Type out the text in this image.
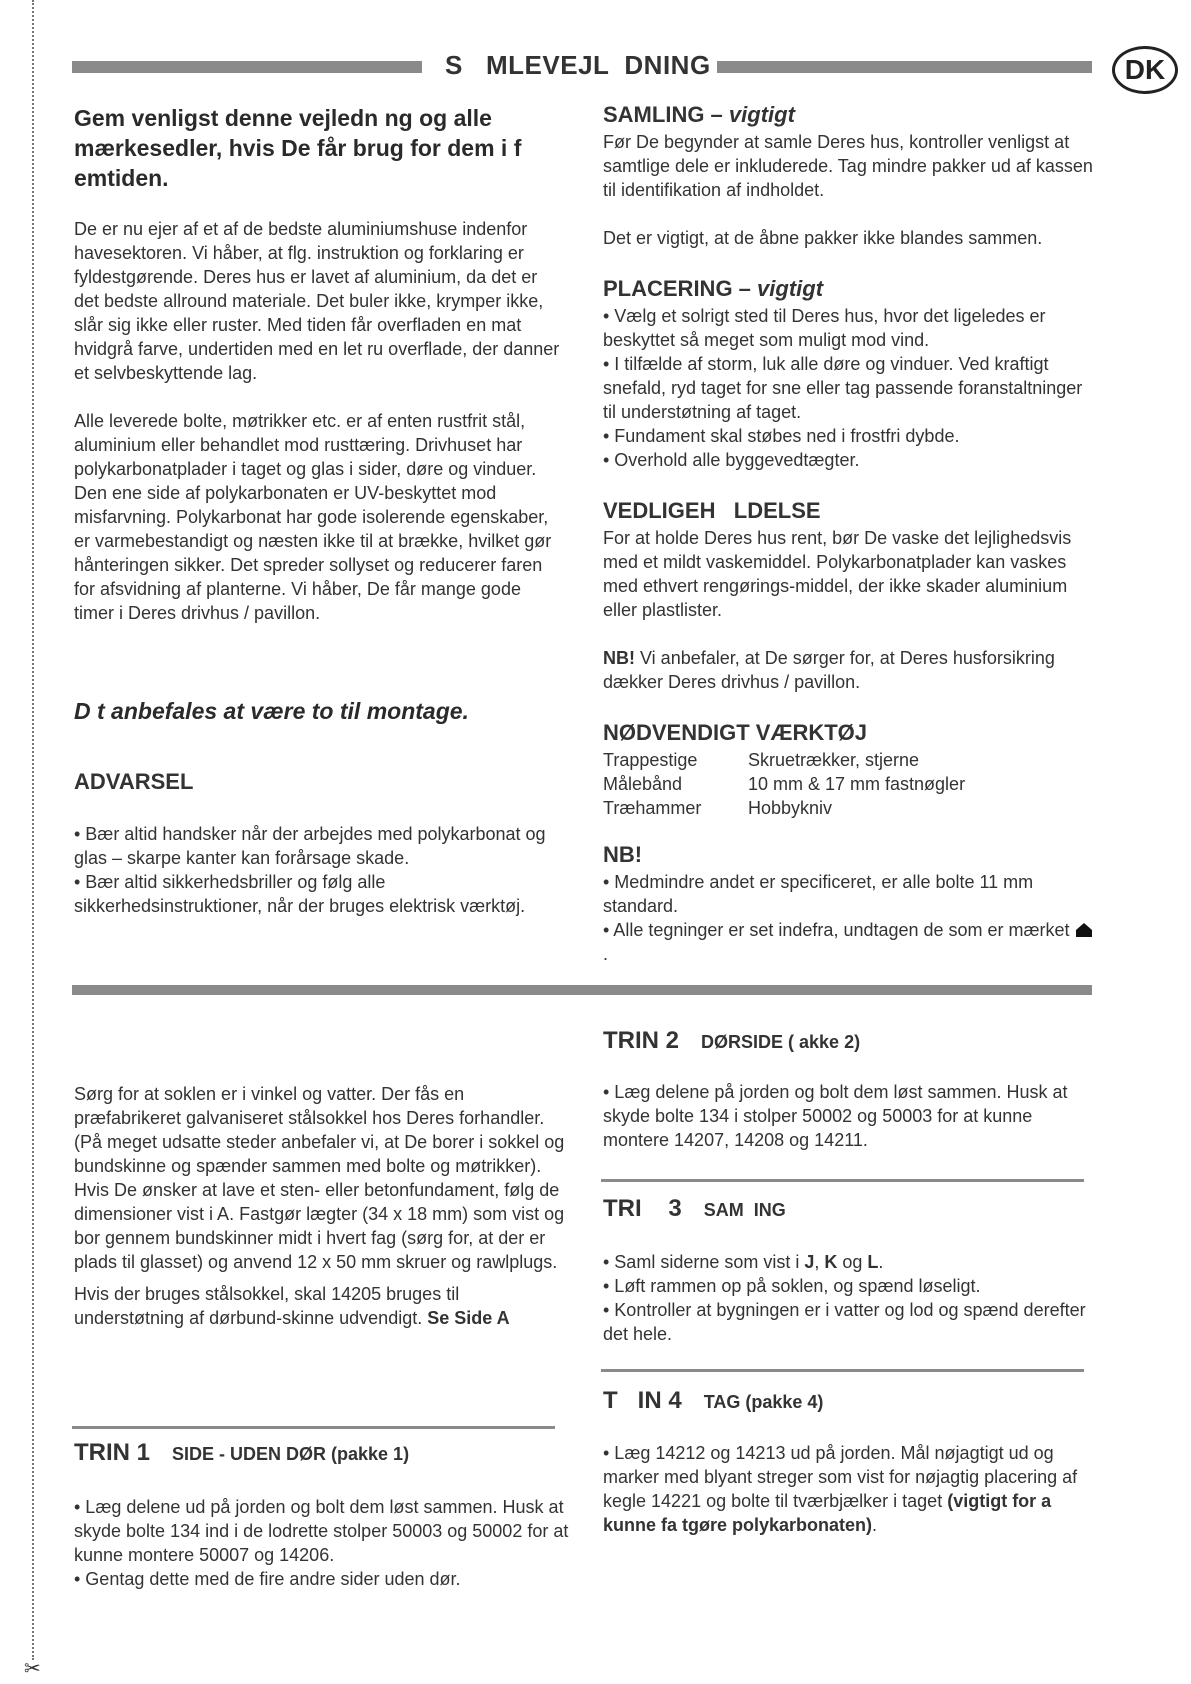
✂
S   MLEVEJL  DNING	DK
Gem venligst denne vejledn ng og alle mærkesedler, hvis De får brug for dem i f emtiden.

De er nu ejer af et af de bedste aluminiumshuse indenfor havesektoren. Vi håber, at flg. instruktion og forklaring er fyldestgørende. Deres hus er lavet af aluminium, da det er det bedste allround materiale. Det buler ikke, krymper ikke, slår sig ikke eller ruster. Med tiden får overfladen en mat hvidgrå farve, undertiden med en let ru overflade, der danner et selvbeskyttende lag.

Alle leverede bolte, møtrikker etc. er af enten rustfrit stål, aluminium eller behandlet mod rusttæring. Drivhuset har polykarbonatplader i taget og glas i sider, døre og vinduer. Den ene side af polykarbonaten er UV-beskyttet mod misfarvning. Polykarbonat har gode isolerende egenskaber, er varmebestandigt og næsten ikke til at brække, hvilket gør hånteringen sikker. Det spreder sollyset og reducerer faren for afsvidning af planterne. Vi håber, De får mange gode timer i Deres drivhus / pavillon.

D t anbefales at være to til montage.
ADVARSEL

• Bær altid handsker når der arbejdes med polykarbonat og glas – skarpe kanter kan forårsage skade.

• Bær altid sikkerhedsbriller og følg alle sikkerhedsinstruktioner, når der bruges elektrisk værktøj.

SAMLING – vigtigt

Før De begynder at samle Deres hus, kontroller venligst at samtlige dele er inkluderede. Tag mindre pakker ud af kassen til identifikation af indholdet.

Det er vigtigt, at de åbne pakker ikke blandes sammen.

PLACERING – vigtigt

• Vælg et solrigt sted til Deres hus, hvor det ligeledes er beskyttet så meget som muligt mod vind.

• I tilfælde af storm, luk alle døre og vinduer. Ved kraftigt snefald, ryd taget for sne eller tag passende foranstaltninger til understøtning af taget.

• Fundament skal støbes ned i frostfri dybde.

• Overhold alle byggevedtægter.

VEDLIGEH   LDELSE

For at holde Deres hus rent, bør De vaske det lejlighedsvis med et mildt vaskemiddel. Polykarbonatplader kan vaskes med ethvert rengørings-middel, der ikke skader aluminium eller plastlister.

NB! Vi anbefaler, at De sørger for, at Deres husforsikring dækker Deres drivhus / pavillon.

NØDVENDIGT VÆRKTØJ
Trappestige	Skruetrækker, stjerne
Målebånd	10 mm & 17 mm fastnøgler
Træhammer	Hobbykniv
NB!

• Medmindre andet er specificeret, er alle bolte 11 mm standard.

• Alle tegninger er set indefra, undtagen de som er mærket .

Sørg for at soklen er i vinkel og vatter. Der fås en præfabrikeret galvaniseret stålsokkel hos Deres forhandler. (På meget udsatte steder anbefaler vi, at De borer i sokkel og bundskinne og spænder sammen med bolte og møtrikker).

Hvis De ønsker at lave et sten- eller betonfundament, følg de dimensioner vist i A. Fastgør lægter (34 x 18 mm) som vist og bor gennem bundskinner midt i hvert fag (sørg for, at der er plads til glasset) og anvend 12 x 50 mm skruer og rawlplugs.

Hvis der bruges stålsokkel, skal 14205 bruges til understøtning af dørbund-skinne udvendigt. Se Side A

TRIN 1 SIDE - UDEN DØR (pakke 1)

• Læg delene ud på jorden og bolt dem løst sammen. Husk at skyde bolte 134 ind i de lodrette stolper 50003 og 50002 for at kunne montere 50007 og 14206.

• Gentag dette med de fire andre sider uden dør.

TRIN 2 DØRSIDE ( akke 2)

• Læg delene på jorden og bolt dem løst sammen. Husk at skyde bolte 134 i stolper 50002 og 50003 for at kunne montere 14207, 14208 og 14211.

TRI    3 SAM  ING

• Saml siderne som vist i J, K og L.

• Løft rammen op på soklen, og spænd løseligt.

• Kontroller at bygningen er i vatter og lod og spænd derefter det hele.

T   IN 4 TAG (pakke 4)

• Læg 14212 og 14213 ud på jorden. Mål nøjagtigt ud og marker med blyant streger som vist for nøjagtig placering af kegle 14221 og bolte til tværbjælker i taget (vigtigt for a kunne fa tgøre polykarbonaten).
